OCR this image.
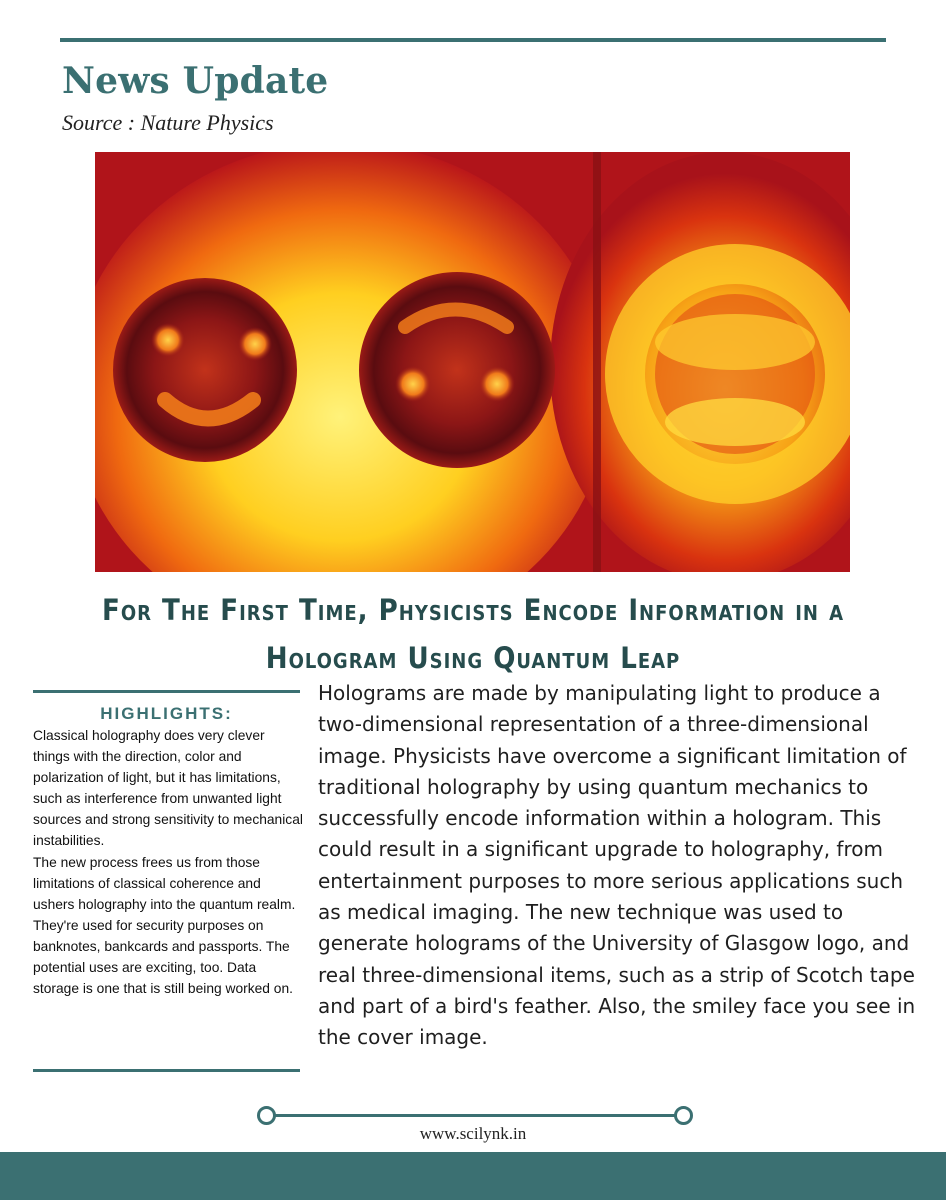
News Update
Source : Nature Physics
For The First Time, Physicists Encode Information in a Hologram Using Quantum Leap
HIGHLIGHTS:

Classical holography does very clever things with the direction, color and polarization of light, but it has limitations, such as interference from unwanted light sources and strong sensitivity to mechanical instabilities.

The new process frees us from those limitations of classical coherence and ushers holography into the quantum realm.

They're used for security purposes on banknotes, bankcards and passports. The potential uses are exciting, too. Data storage is one that is still being worked on.

Holograms are made by manipulating light to produce a two-dimensional representation of a three-dimensional image. Physicists have overcome a significant limitation of traditional holography by using quantum mechanics to successfully encode information within a hologram. This could result in a significant upgrade to holography, from entertainment purposes to more serious applications such as medical imaging. The new technique was used to generate holograms of the University of Glasgow logo, and real three-dimensional items, such as a strip of Scotch tape and part of a bird's feather. Also, the smiley face you see in the cover image.

www.scilynk.in
